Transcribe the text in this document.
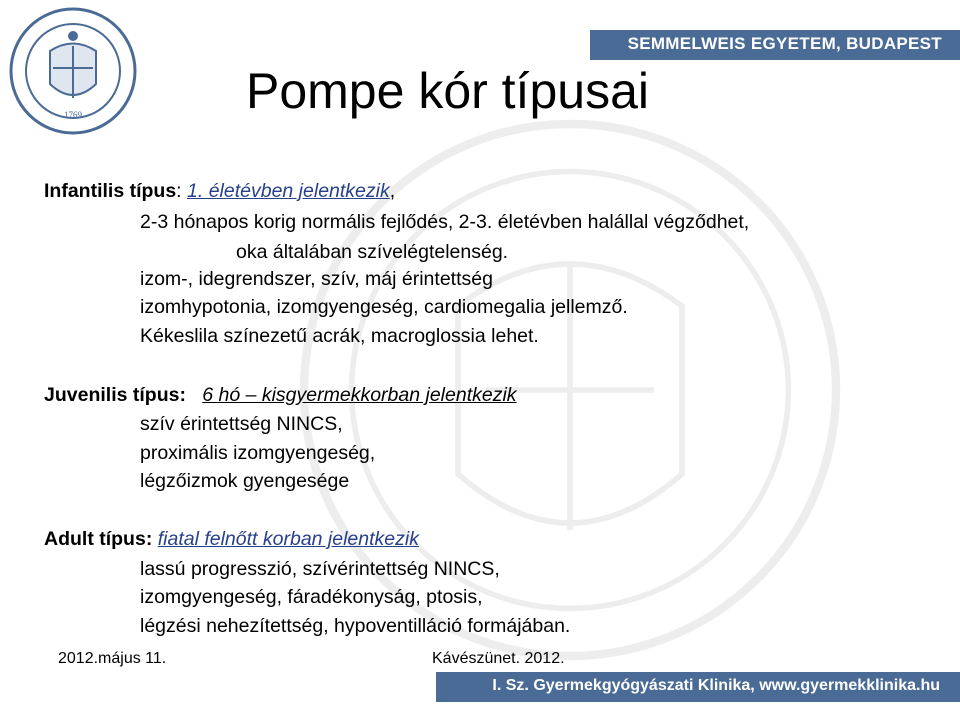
1769
SEMMELWEIS EGYETEM, BUDAPEST
Pompe kór típusai
Infantilis típus: 1. életévben jelentkezik,
2-3 hónapos korig normális fejlődés, 2-3. életévben halállal végződhet,
oka általában szívelégtelenség.
izom-, idegrendszer, szív, máj érintettség
izomhypotonia, izomgyengeség, cardiomegalia jellemző.
Kékeslila színezetű acrák, macroglossia lehet.
Juvenilis típus: 6 hó – kisgyermekkorban jelentkezik
szív érintettség NINCS,
proximális izomgyengeség,
légzőizmok gyengesége
Adult típus: fiatal felnőtt korban jelentkezik
lassú progresszió, szívérintettség NINCS,
izomgyengeség, fáradékonyság, ptosis,
légzési nehezítettség, hypoventilláció formájában.
2012.május 11.	Kávészünet. 2012.
I. Sz. Gyermekgyógyászati Klinika, www.gyermekklinika.hu
